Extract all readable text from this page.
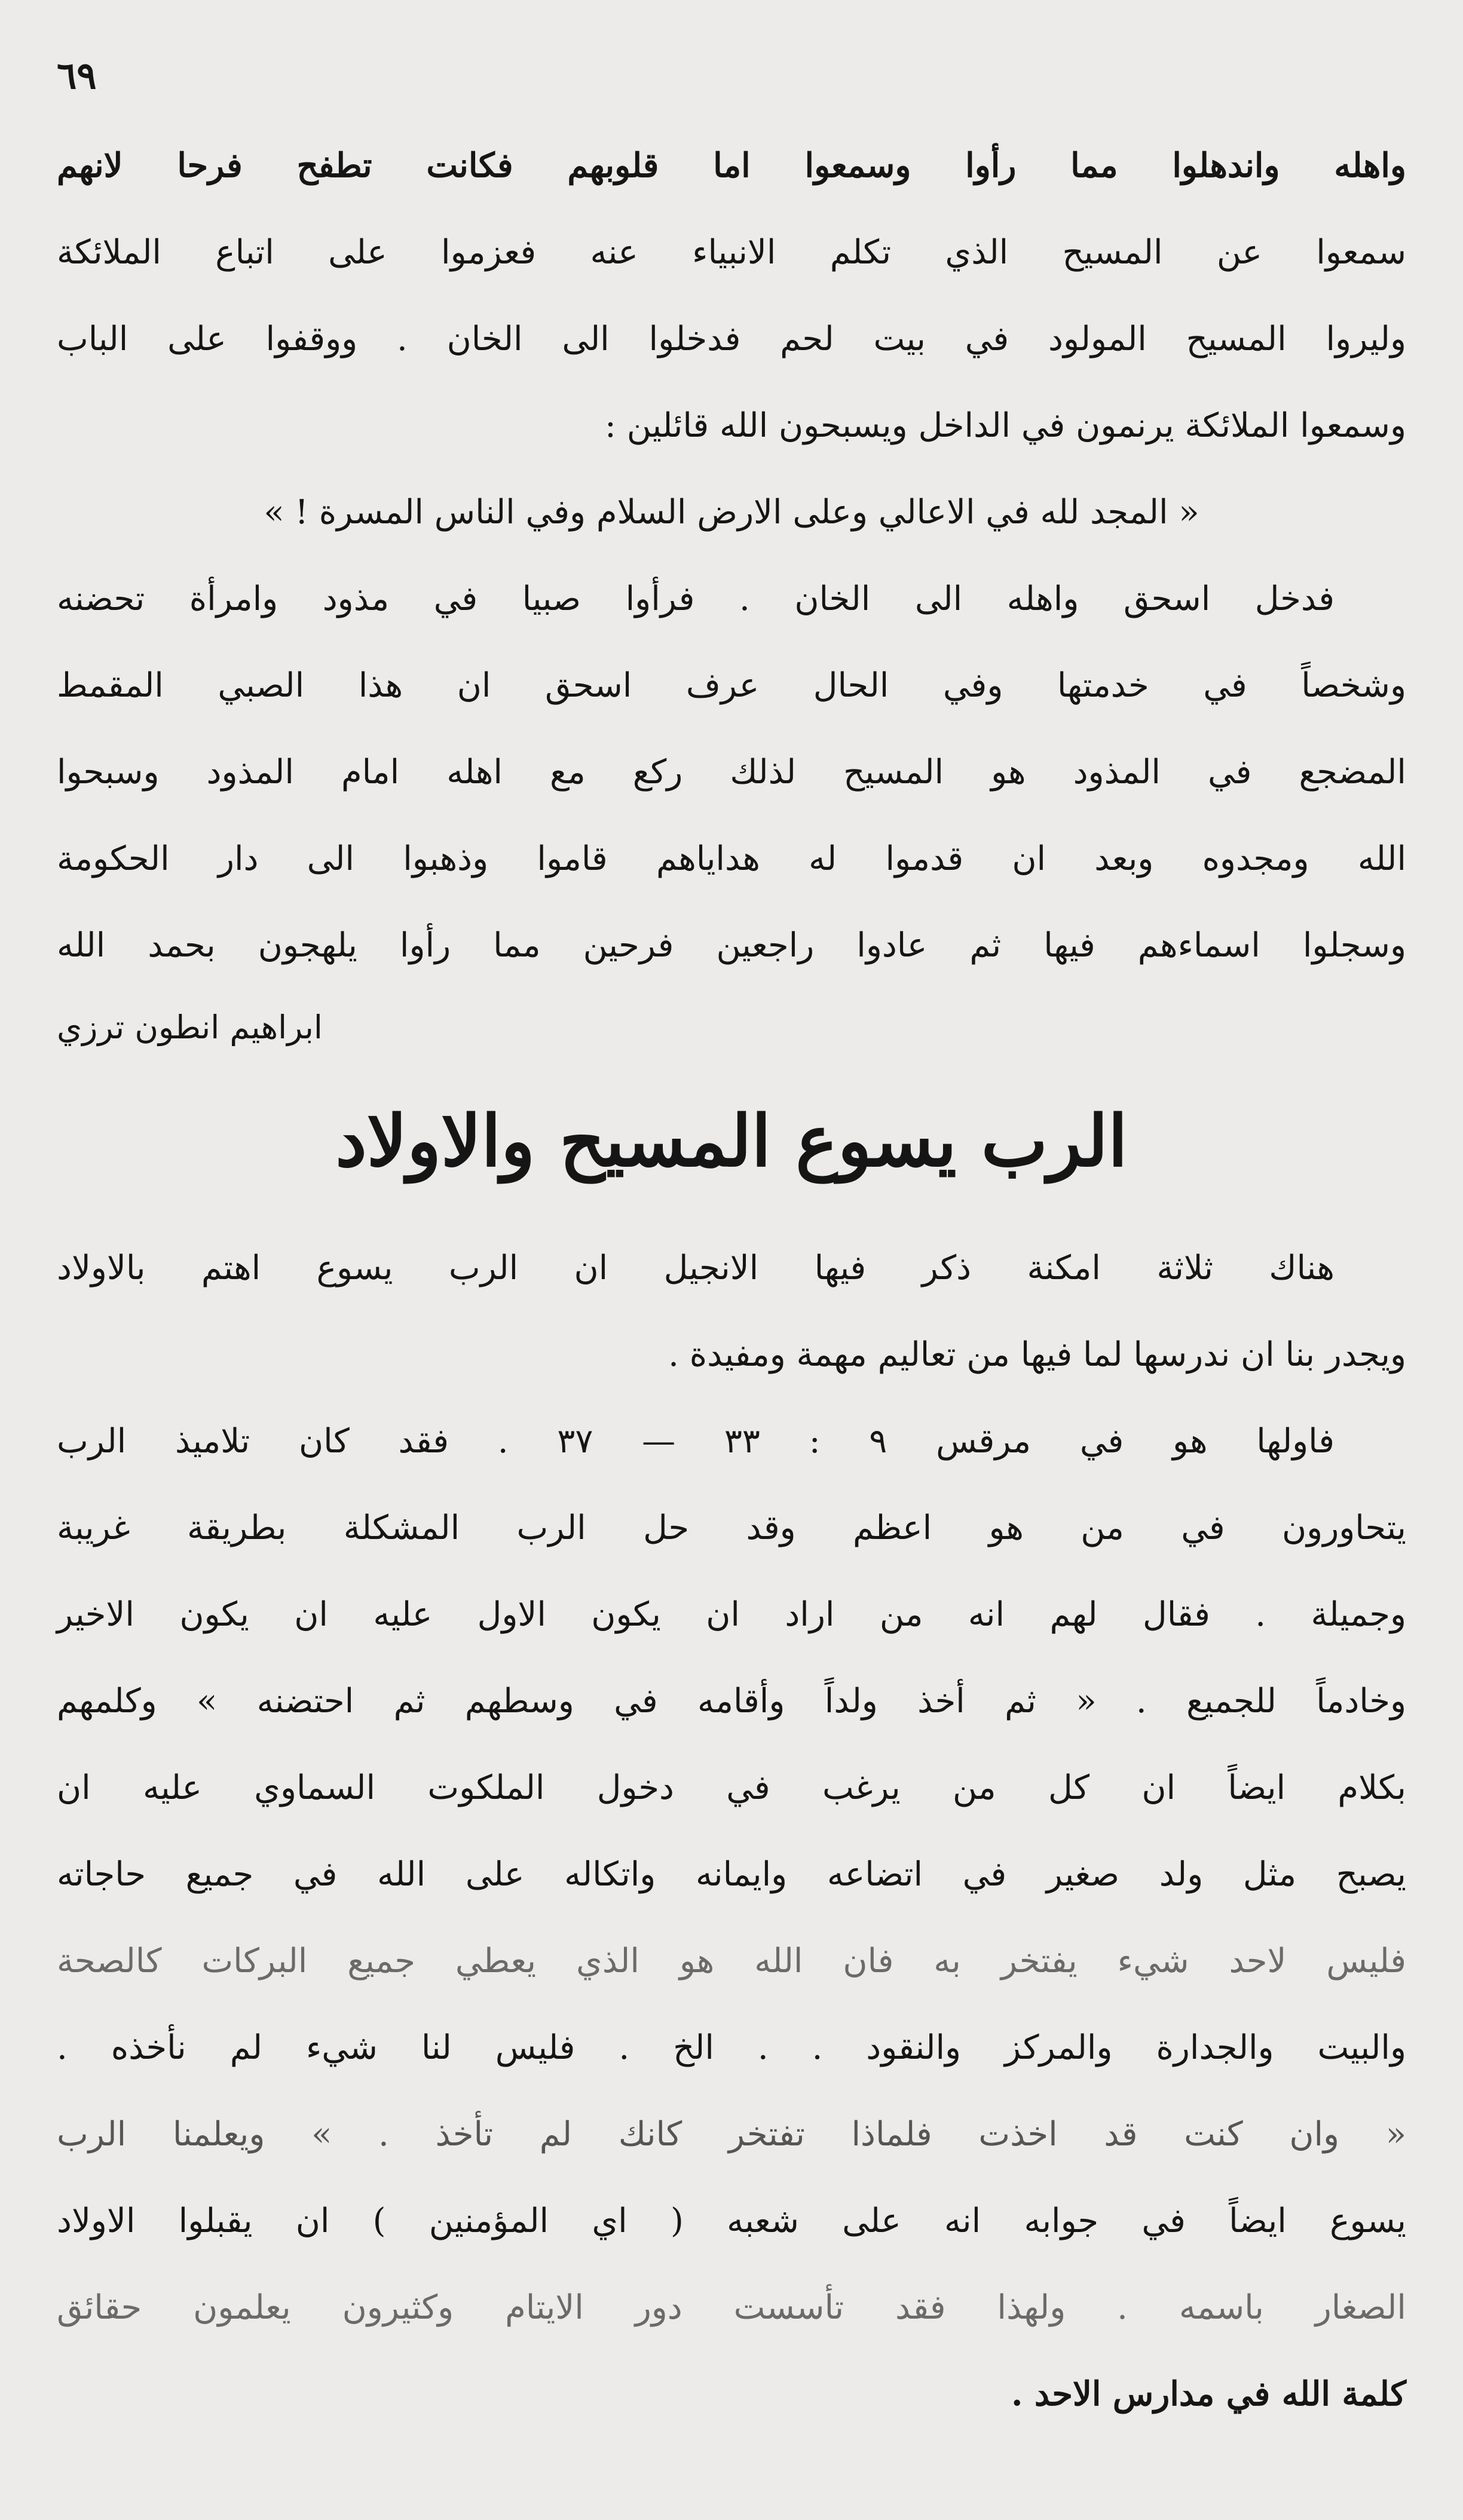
٦٩
واهله واندهلوا مما رأوا وسمعوا اما قلوبهم فكانت تطفح فرحا لانهم
سمعوا عن المسيح الذي تكلم الانبياء عنه فعزموا على اتباع الملائكة
وليروا المسيح المولود في بيت لحم فدخلوا الى الخان . ووقفوا على الباب
وسمعوا الملائكة يرنمون في الداخل ويسبحون الله قائلين :
« المجد لله في الاعالي وعلى الارض السلام وفي الناس المسرة ! »
فدخل اسحق واهله الى الخان . فرأوا صبيا في مذود وامرأة تحضنه
وشخصاً في خدمتها وفي الحال عرف اسحق ان هذا الصبي المقمط
المضجع في المذود هو المسيح لذلك ركع مع اهله امام المذود وسبحوا
الله ومجدوه وبعد ان قدموا له هداياهم قاموا وذهبوا الى دار الحكومة
وسجلوا اسماءهم فيها ثم عادوا راجعين فرحين مما رأوا يلهجون بحمد الله
ابراهيم انطون ترزي
الرب يسوع المسيح والاولاد
هناك ثلاثة امكنة ذكر فيها الانجيل ان الرب يسوع اهتم بالاولاد
ويجدر بنا ان ندرسها لما فيها من تعاليم مهمة ومفيدة .
فاولها هو في مرقس ٩ : ٣٣ — ٣٧ . فقد كان تلاميذ الرب
يتحاورون في من هو اعظم وقد حل الرب المشكلة بطريقة غريبة
وجميلة . فقال لهم انه من اراد ان يكون الاول عليه ان يكون الاخير
وخادماً للجميع . « ثم أخذ ولداً وأقامه في وسطهم ثم احتضنه » وكلمهم
بكلام ايضاً ان كل من يرغب في دخول الملكوت السماوي عليه ان
يصبح مثل ولد صغير في اتضاعه وايمانه واتكاله على الله في جميع حاجاته
فليس لاحد شيء يفتخر به فان الله هو الذي يعطي جميع البركات كالصحة
والبيت والجدارة والمركز والنقود . . الخ . فليس لنا شيء لم نأخذه .
« وان كنت قد اخذت فلماذا تفتخر كانك لم تأخذ . » ويعلمنا الرب
يسوع ايضاً في جوابه انه على شعبه ( اي المؤمنين ) ان يقبلوا الاولاد
الصغار باسمه . ولهذا فقد تأسست دور الايتام وكثيرون يعلمون حقائق
كلمة الله في مدارس الاحد .
